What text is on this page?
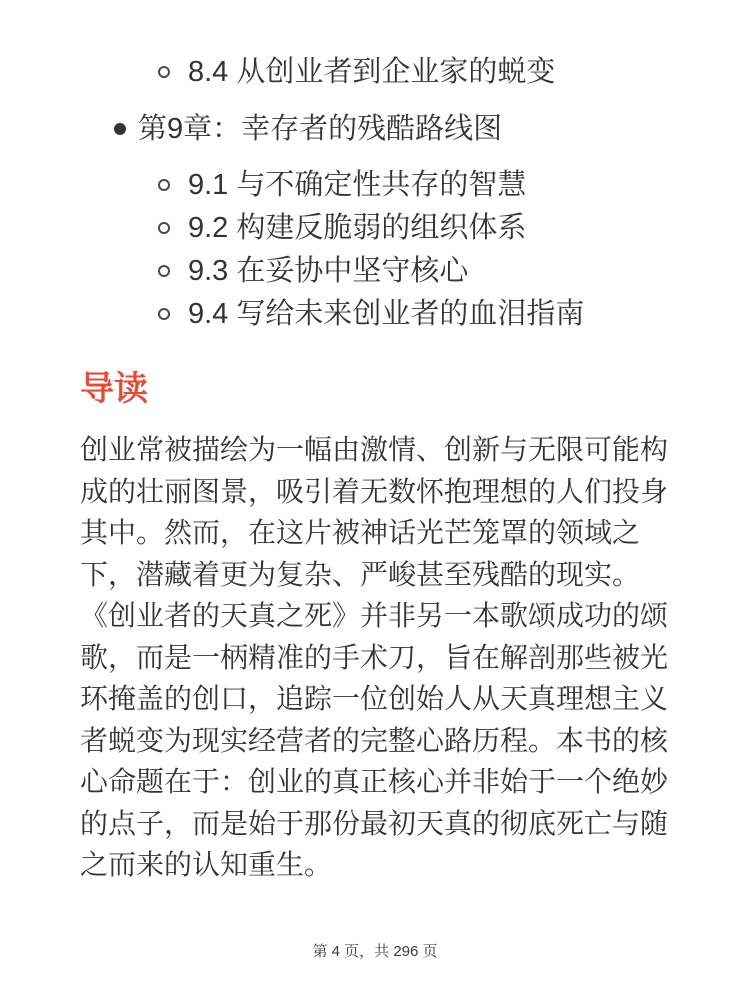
8.4 从创业者到企业家的蜕变
第9章：幸存者的残酷路线图
9.1 与不确定性共存的智慧
9.2 构建反脆弱的组织体系
9.3 在妥协中坚守核心
9.4 写给未来创业者的血泪指南
导读

创业常被描绘为一幅由激情、创新与无限可能构成的壮丽图景，吸引着无数怀抱理想的人们投身其中。然而，在这片被神话光芒笼罩的领域之下，潜藏着更为复杂、严峻甚至残酷的现实。《创业者的天真之死》并非另一本歌颂成功的颂歌，而是一柄精准的手术刀，旨在解剖那些被光环掩盖的创口，追踪一位创始人从天真理想主义者蜕变为现实经营者的完整心路历程。本书的核心命题在于：创业的真正核心并非始于一个绝妙的点子，而是始于那份最初天真的彻底死亡与随之而来的认知重生。

第 4 页，共 296 页
